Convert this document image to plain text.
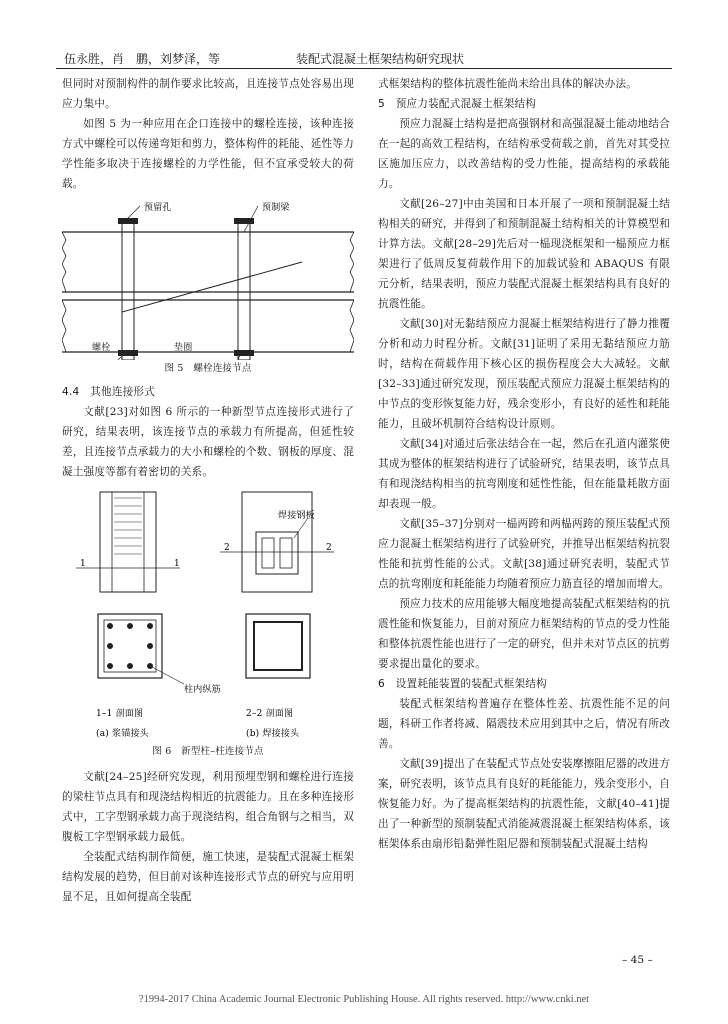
伍永胜，肖　鹏，刘梦泽，等	装配式混凝土框架结构研究现状

但同时对预制构件的制作要求比较高，且连接节点处容易出现应力集中。

如图 5 为一种应用在企口连接中的螺栓连接，该种连接方式中螺栓可以传递弯矩和剪力，整体构件的耗能、延性等力学性能多取决于连接螺栓的力学性能，但不宜承受较大的荷载。

预留孔	预制梁
螺栓	垫圈
图 5　螺栓连接节点

4.4　其他连接形式

文献[23]对如图 6 所示的一种新型节点连接形式进行了研究，结果表明，该连接节点的承载力有所提高，但延性较差，且连接节点承载力的大小和螺栓的个数、钢板的厚度、混凝土强度等都有着密切的关系。

1	1
2	2
焊接钢板
柱内纵筋
1–1 剖面图	2–2 剖面图
(a) 浆锚接头	(b) 焊接接头
图 6　新型柱–柱连接节点

文献[24–25]经研究发现，利用预埋型钢和螺栓进行连接的梁柱节点具有和现浇结构相近的抗震能力。且在多种连接形式中，工字型钢承载力高于现浇结构，组合角钢与之相当，双腹板工字型钢承载力最低。

全装配式结构制作简便，施工快速，是装配式混凝土框架结构发展的趋势，但目前对该种连接形式节点的研究与应用明显不足，且如何提高全装配

式框架结构的整体抗震性能尚未给出具体的解决办法。

5　预应力装配式混凝土框架结构

预应力混凝土结构是把高强钢材和高强混凝土能动地结合在一起的高效工程结构，在结构承受荷载之前，首先对其受拉区施加压应力，以改善结构的受力性能，提高结构的承载能力。

文献[26–27]中由美国和日本开展了一项和预制混凝土结构相关的研究，并得到了和预制混凝土结构相关的计算模型和计算方法。文献[28–29]先后对一榀现浇框架和一榀预应力框架进行了低周反复荷载作用下的加载试验和 ABAQUS 有限元分析，结果表明，预应力装配式混凝土框架结构具有良好的抗震性能。

文献[30]对无黏结预应力混凝土框架结构进行了静力推覆分析和动力时程分析。文献[31]证明了采用无黏结预应力筋时，结构在荷载作用下核心区的损伤程度会大大减轻。文献[32–33]通过研究发现，预压装配式预应力混凝土框架结构的中节点的变形恢复能力好，残余变形小，有良好的延性和耗能能力，且破坏机制符合结构设计原则。

文献[34]对通过后张法结合在一起，然后在孔道内灌浆使其成为整体的框架结构进行了试验研究，结果表明，该节点具有和现浇结构相当的抗弯刚度和延性性能，但在能量耗散方面却表现一般。

文献[35–37]分别对一榀两跨和两榀两跨的预压装配式预应力混凝土框架结构进行了试验研究，并推导出框架结构抗裂性能和抗剪性能的公式。文献[38]通过研究表明，装配式节点的抗弯刚度和耗能能力均随着预应力筋直径的增加而增大。

预应力技术的应用能够大幅度地提高装配式框架结构的抗震性能和恢复能力，目前对预应力框架结构的节点的受力性能和整体抗震性能也进行了一定的研究，但并未对节点区的抗剪要求提出量化的要求。

6　设置耗能装置的装配式框架结构

装配式框架结构普遍存在整体性差、抗震性能不足的问题，科研工作者将减、隔震技术应用到其中之后，情况有所改善。

文献[39]提出了在装配式节点处安装摩擦阻尼器的改进方案，研究表明，该节点具有良好的耗能能力，残余变形小，自恢复能力好。为了提高框架结构的抗震性能，文献[40–41]提出了一种新型的预制装配式消能减震混凝土框架结构体系，该框架体系由扇形铅黏弹性阻尼器和预制装配式混凝土结构

– 45 –
?1994-2017 China Academic Journal Electronic Publishing House. All rights reserved. http://www.cnki.net
